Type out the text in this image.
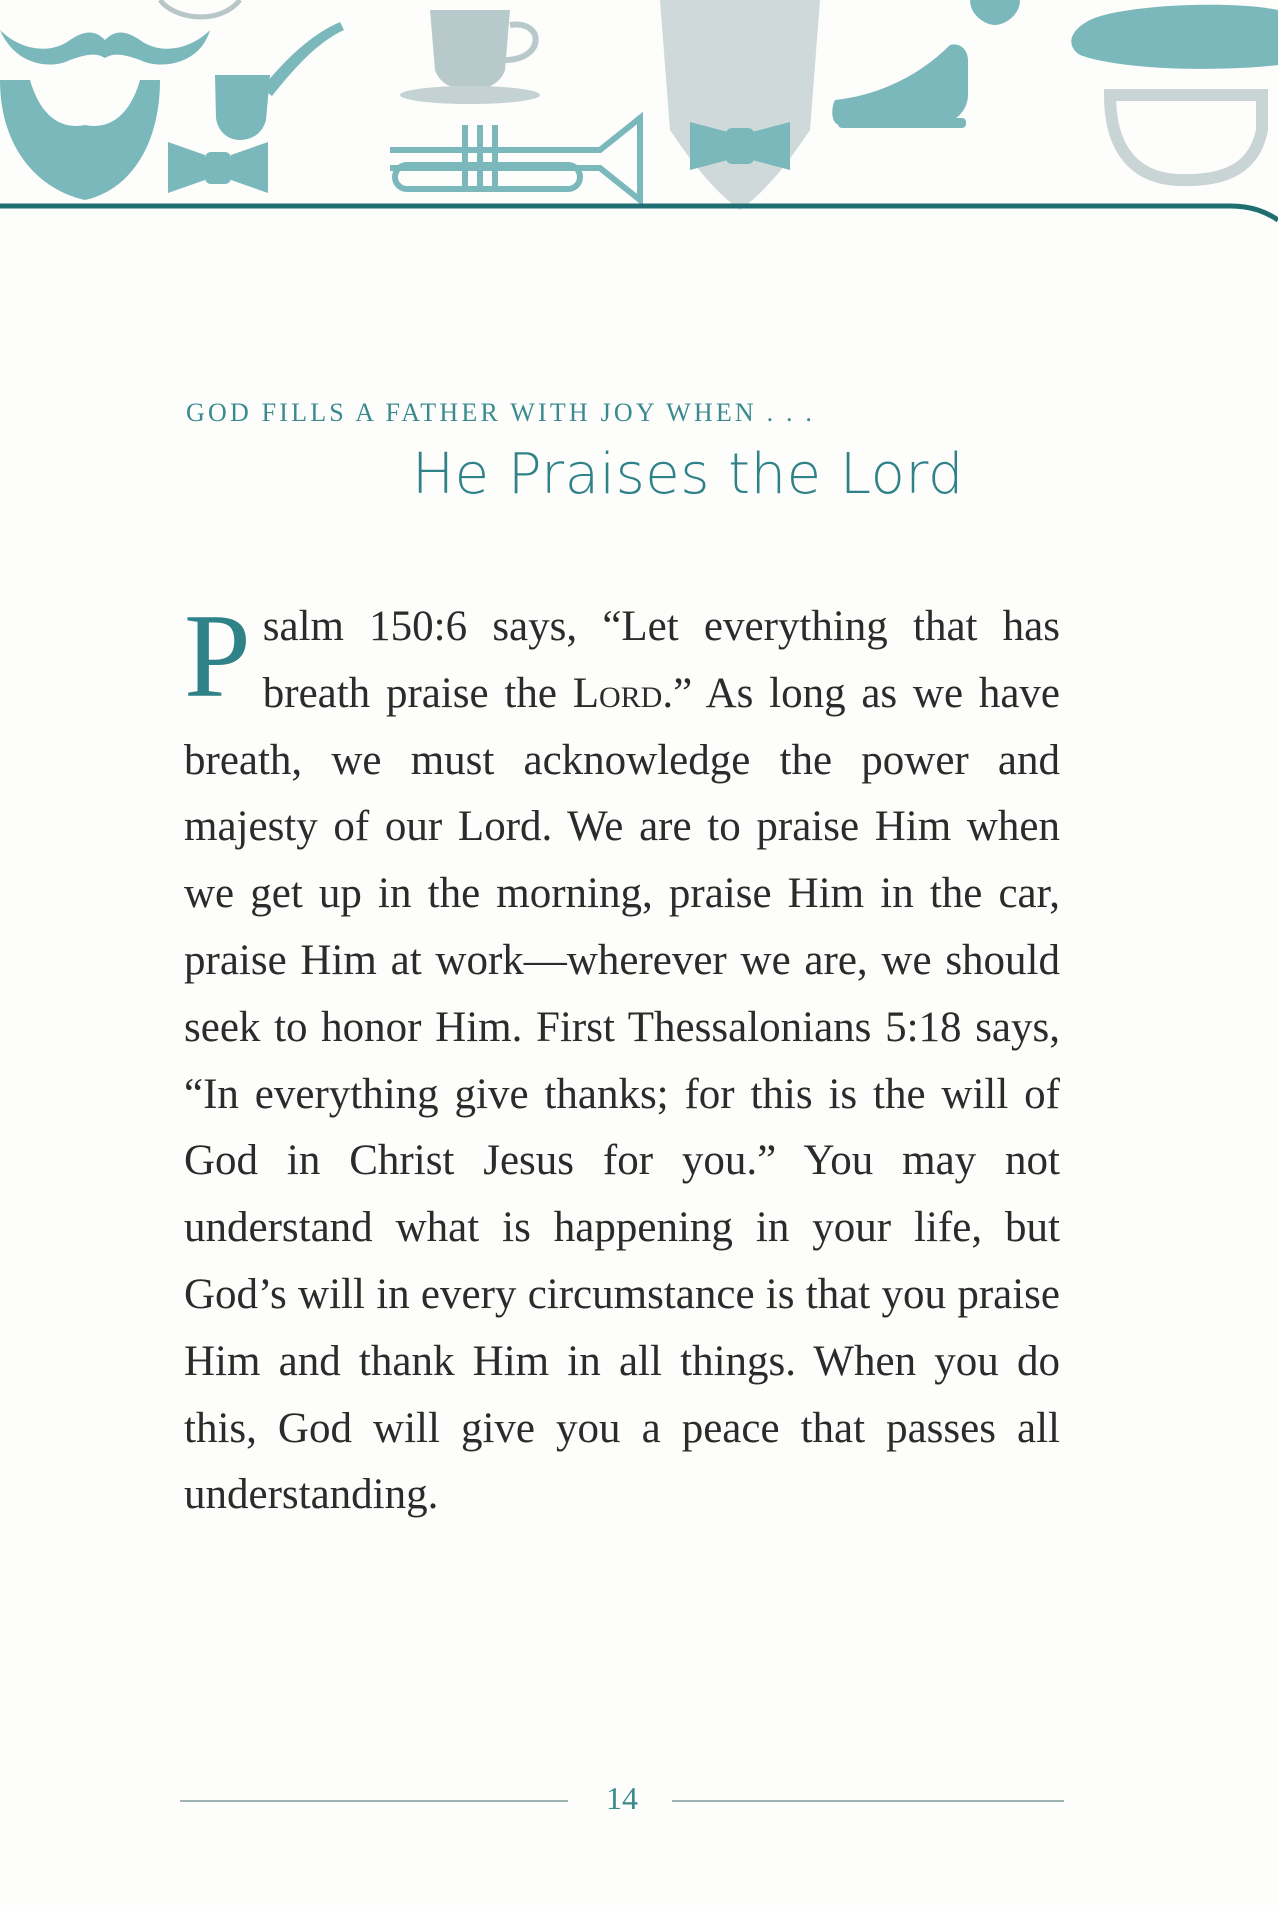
GOD FILLS A FATHER WITH JOY WHEN . . .
He Praises the Lord
Psalm 150:6 says, “Let everything that has breath praise the Lord.” As long as we have breath, we must acknowledge the power and majesty of our Lord. We are to praise Him when we get up in the morning, praise Him in the car, praise Him at work—wherever we are, we should seek to honor Him. First Thessalonians 5:18 says, “In everything give thanks; for this is the will of God in Christ Jesus for you.” You may not understand what is happening in your life, but God’s will in every circumstance is that you praise Him and thank Him in all things. When you do this, God will give you a peace that passes all understanding.
14
